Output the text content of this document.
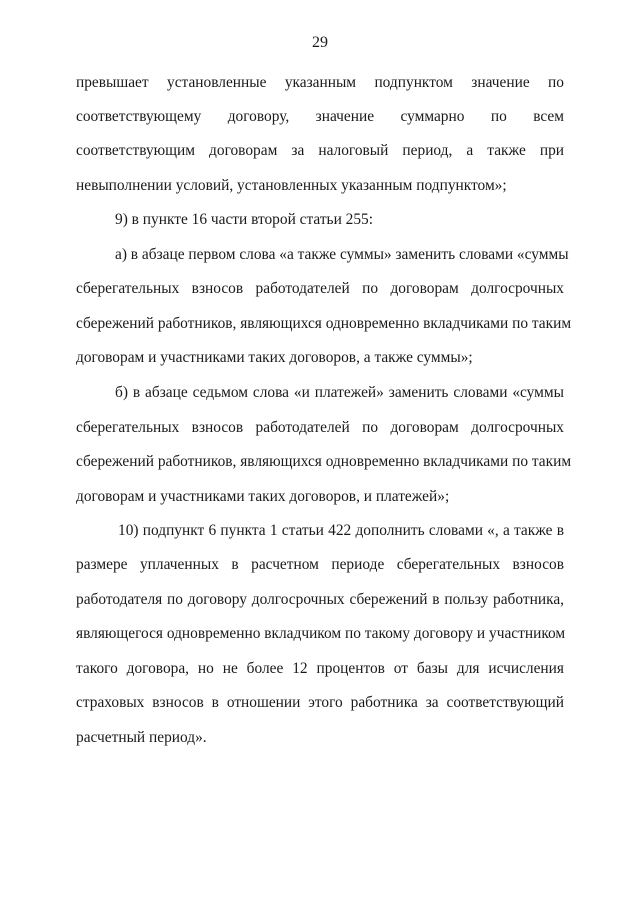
29
превышает установленные указанным подпунктом значение по
соответствующему договору, значение суммарно по всем
соответствующим договорам за налоговый период, а также при
невыполнении условий, установленных указанным подпунктом»;
9) в пункте 16 части второй статьи 255:
а) в абзаце первом слова «а также суммы» заменить словами «суммы
сберегательных взносов работодателей по договорам долгосрочных
сбережений работников, являющихся одновременно вкладчиками по таким
договорам и участниками таких договоров, а также суммы»;
б) в абзаце седьмом слова «и платежей» заменить словами «суммы
сберегательных взносов работодателей по договорам долгосрочных
сбережений работников, являющихся одновременно вкладчиками по таким
договорам и участниками таких договоров, и платежей»;
10) подпункт 6 пункта 1 статьи 422 дополнить словами «, а также в
размере уплаченных в расчетном периоде сберегательных взносов
работодателя по договору долгосрочных сбережений в пользу работника,
являющегося одновременно вкладчиком по такому договору и участником
такого договора, но не более 12 процентов от базы для исчисления
страховых взносов в отношении этого работника за соответствующий
расчетный период».
